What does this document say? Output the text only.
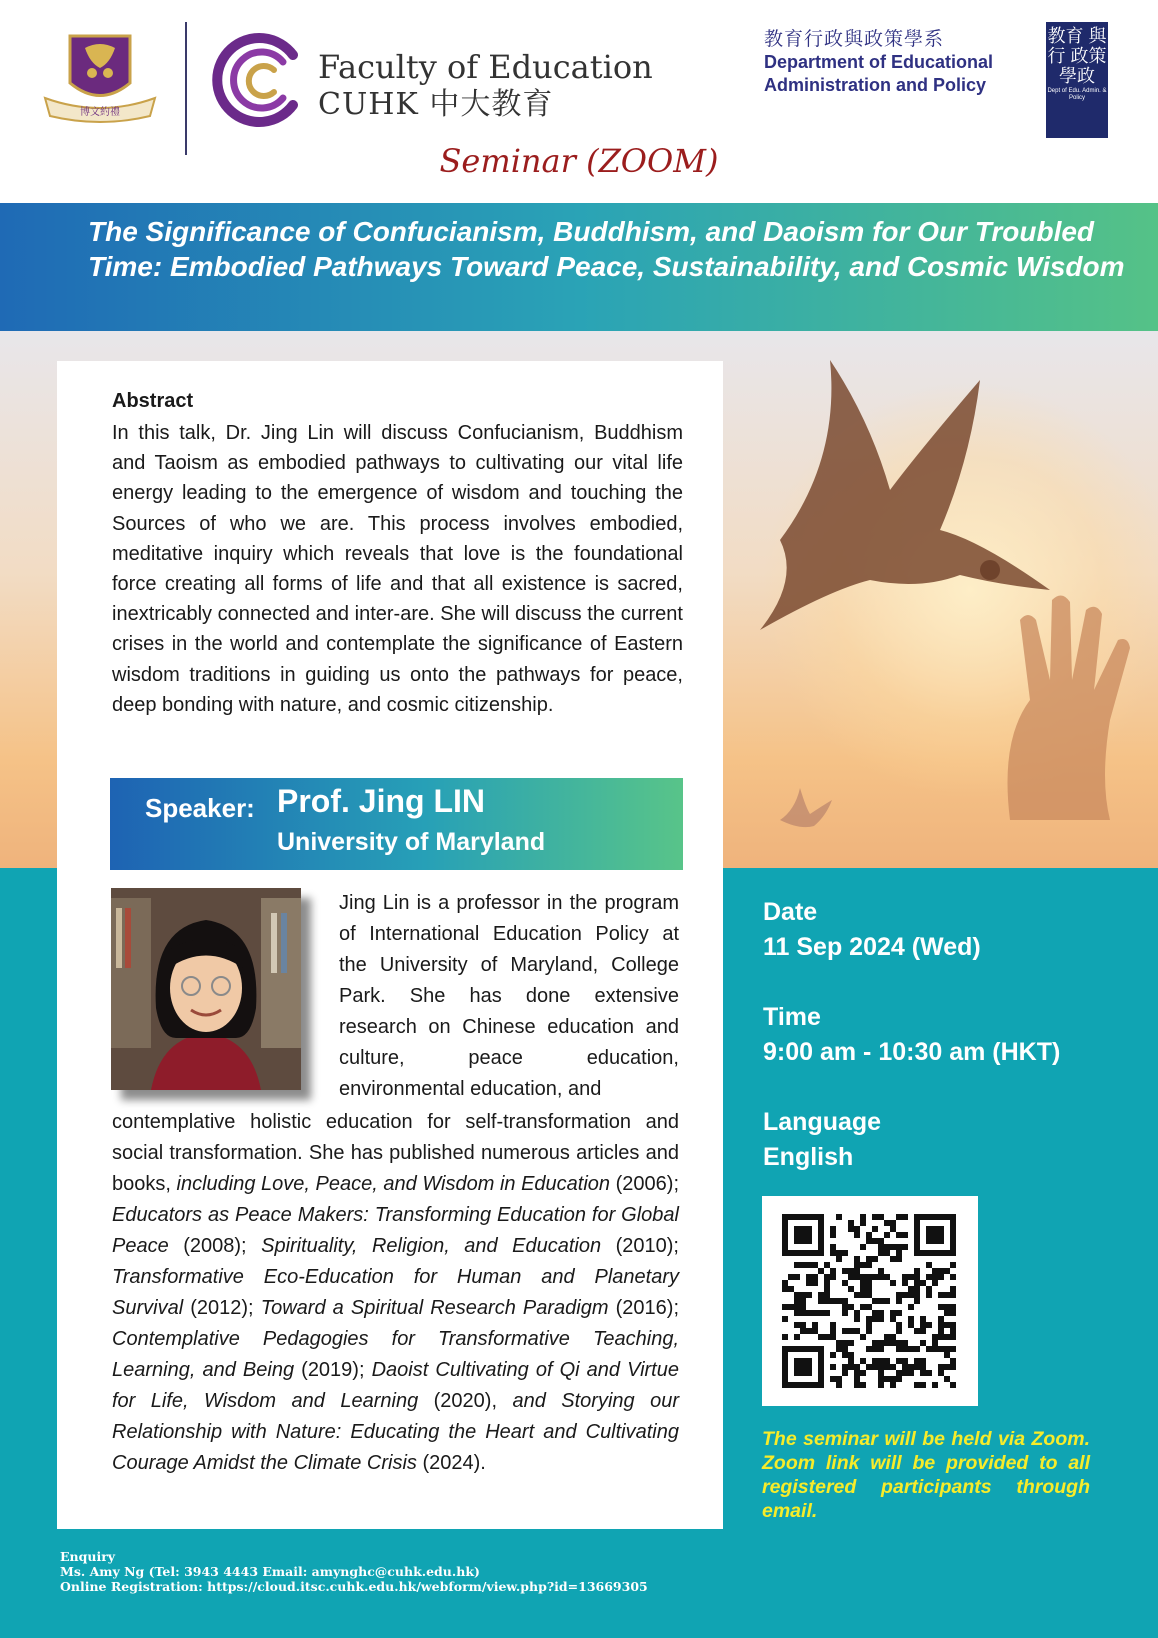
博文約禮
Faculty of Education
CUHK 中大教育
教育行政與政策學系
Department of Educational
Administration and Policy
教育 與行 政策 學政
Dept of Edu. Admin. & Policy
Seminar (ZOOM)
The Significance of Confucianism, Buddhism, and Daoism for Our Troubled Time: Embodied Pathways Toward Peace, Sustainability, and Cosmic Wisdom
Abstract
In this talk, Dr. Jing Lin will discuss Confucianism, Buddhism and Taoism as embodied pathways to cultivating our vital life energy leading to the emergence of wisdom and touching the Sources of who we are. This process involves embodied, meditative inquiry which reveals that love is the foundational force creating all forms of life and that all existence is sacred, inextricably connected and inter-are. She will discuss the current crises in the world and contemplate the significance of Eastern wisdom traditions in guiding us onto the pathways for peace, deep bonding with nature, and cosmic citizenship.
Speaker: Prof. Jing LIN
University of Maryland
Jing Lin is a professor in the program of International Education Policy at the University of Maryland, College Park. She has done extensive research on Chinese education and culture, peace education, environmental education, and
contemplative holistic education for self-transformation and social transformation. She has published numerous articles and books, including Love, Peace, and Wisdom in Education (2006); Educators as Peace Makers: Transforming Education for Global Peace (2008); Spirituality, Religion, and Education (2010); Transformative Eco-Education for Human and Planetary Survival (2012); Toward a Spiritual Research Paradigm (2016); Contemplative Pedagogies for Transformative Teaching, Learning, and Being (2019); Daoist Cultivating of Qi and Virtue for Life, Wisdom and Learning (2020), and Storying our Relationship with Nature: Educating the Heart and Cultivating Courage Amidst the Climate Crisis (2024).
Date
11 Sep 2024 (Wed)
Time
9:00 am - 10:30 am (HKT)
Language
English
The seminar will be held via Zoom. Zoom link will be provided to all registered participants through email.
Enquiry
Ms. Amy Ng (Tel: 3943 4443 Email: amynghc@cuhk.edu.hk)
Online Registration: https://cloud.itsc.cuhk.edu.hk/webform/view.php?id=13669305
